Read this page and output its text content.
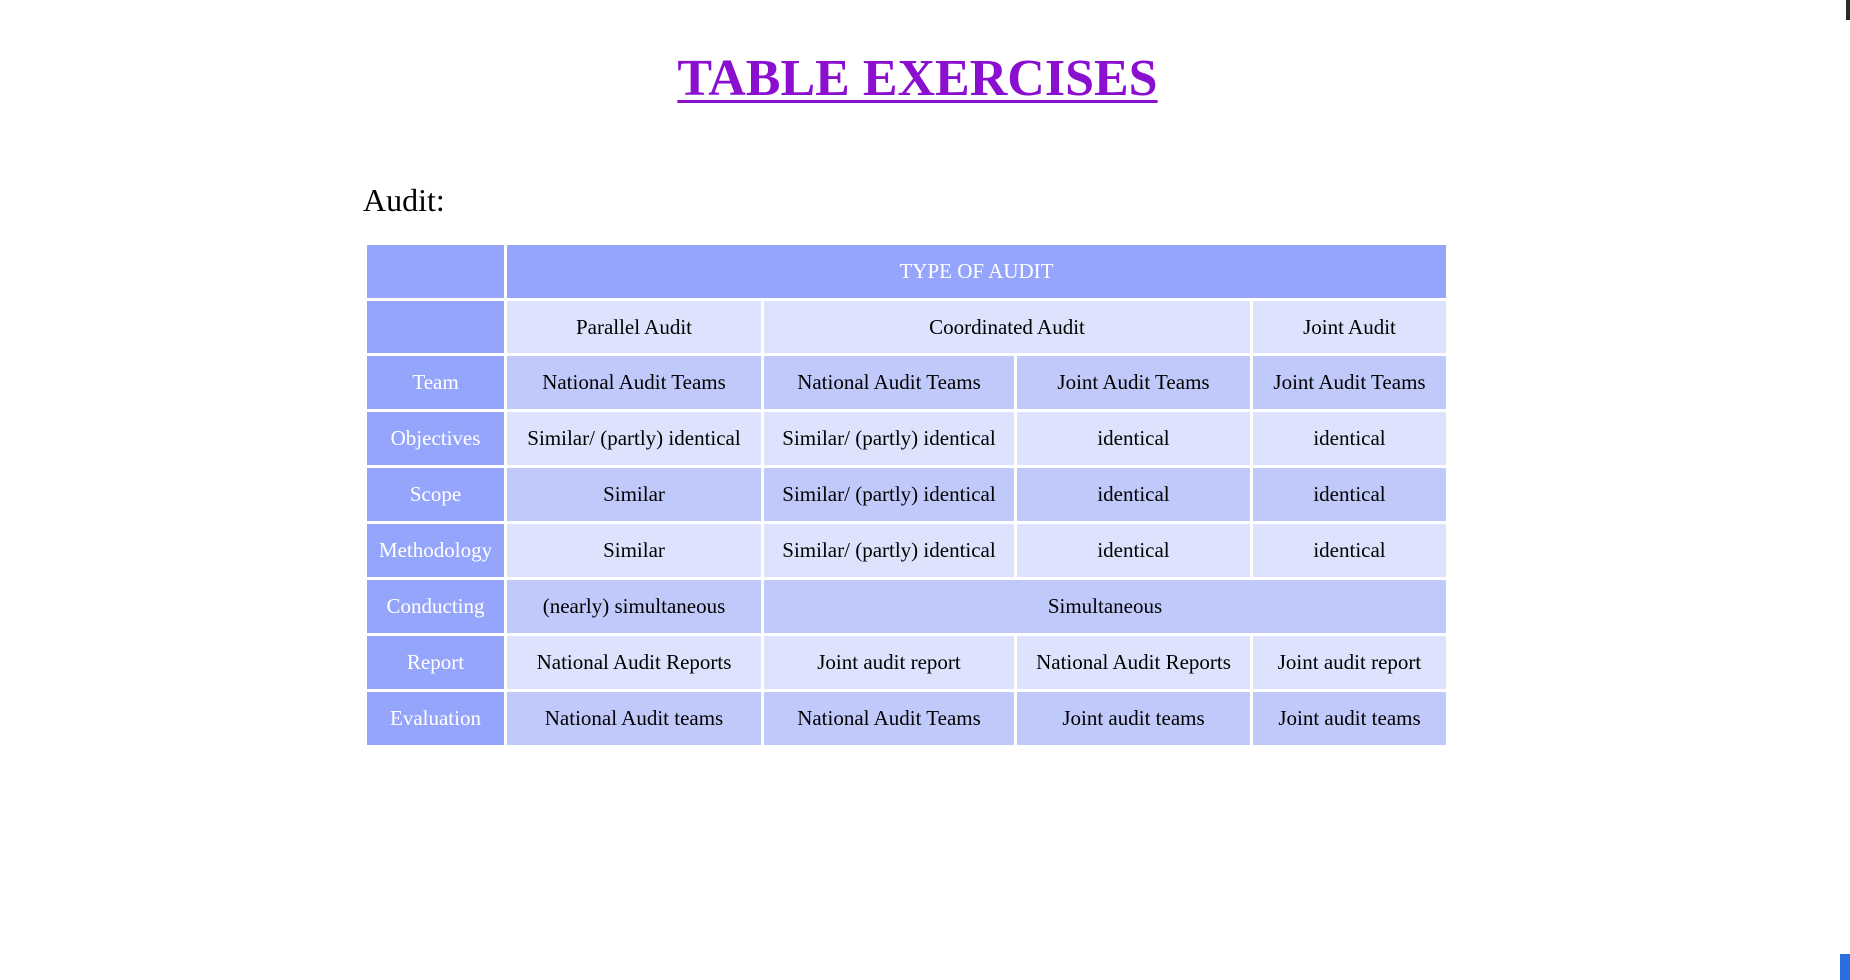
TABLE EXERCISES
Audit:
	TYPE OF AUDIT			
	Parallel Audit	Coordinated Audit		Joint Audit
Team	National Audit Teams	National Audit Teams	Joint Audit Teams	Joint Audit Teams
Objectives	Similar/ (partly) identical	Similar/ (partly) identical	identical	identical
Scope	Similar	Similar/ (partly) identical	identical	identical
Methodology	Similar	Similar/ (partly) identical	identical	identical
Conducting	(nearly) simultaneous	Simultaneous		
Report	National Audit Reports	Joint audit report	National Audit Reports	Joint audit report
Evaluation	National Audit teams	National Audit Teams	Joint audit teams	Joint audit teams
